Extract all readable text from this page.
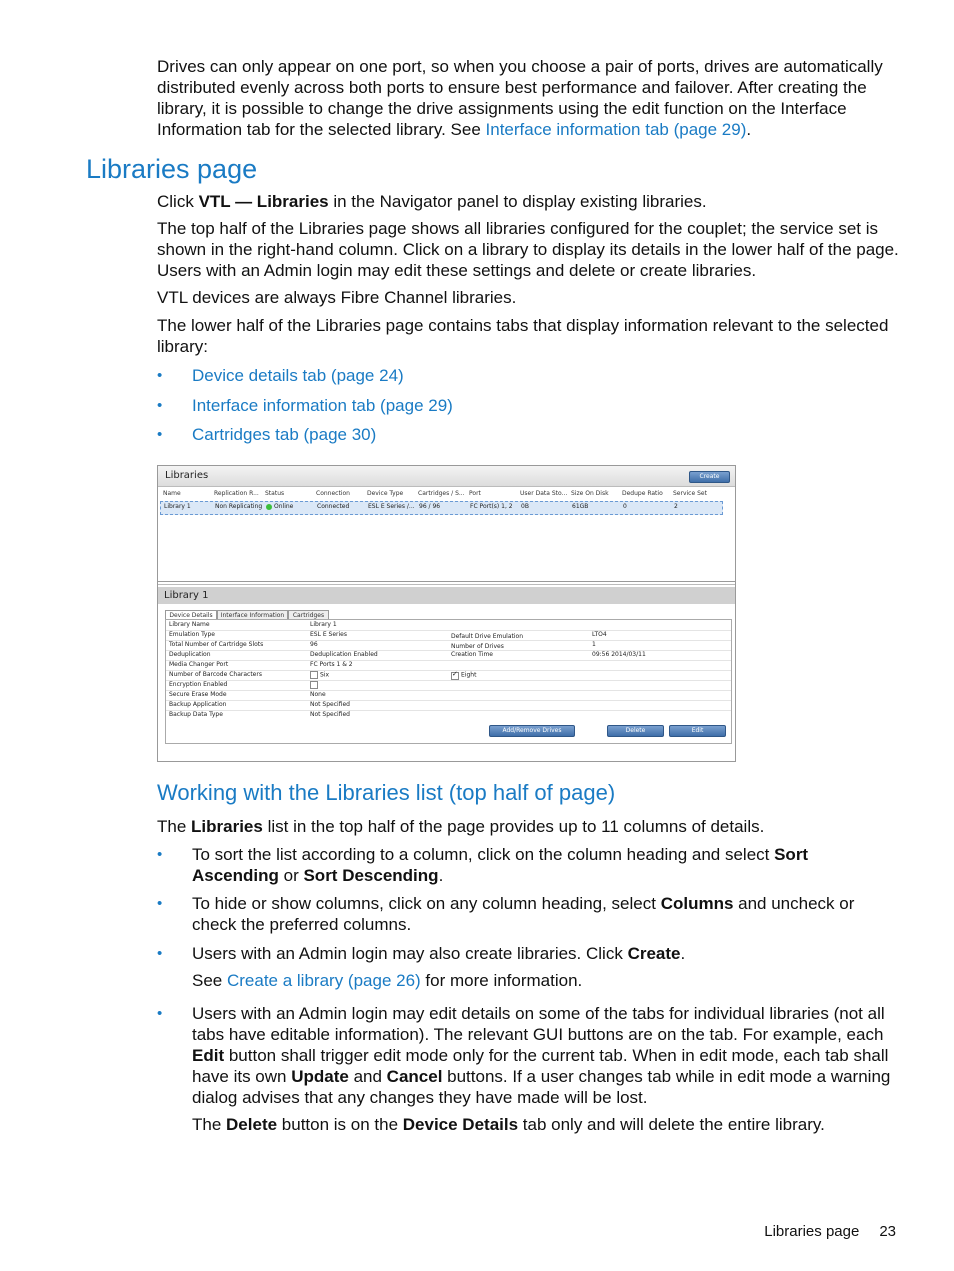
Drives can only appear on one port, so when you choose a pair of ports, drives are automatically distributed evenly across both ports to ensure best performance and failover. After creating the library, it is possible to change the drive assignments using the edit function on the Interface Information tab for the selected library. See Interface information tab (page 29).

Libraries page

Click VTL — Libraries in the Navigator panel to display existing libraries.

The top half of the Libraries page shows all libraries configured for the couplet; the service set is shown in the right-hand column. Click on a library to display its details in the lower half of the page. Users with an Admin login may edit these settings and delete or create libraries.

VTL devices are always Fibre Channel libraries.

The lower half of the Libraries page contains tabs that display information relevant to the selected library:

• Device details tab (page 24)
• Interface information tab (page 29)
• Cartridges tab (page 30)
Libraries	Create
Name	Replication R...	Status	Connection	Device Type	Cartridges / S... Port	User Data Sto... Size On Disk	Dedupe Ratio	Service Set
Library 1	Non Replicating	Online	Connected	ESL E Series /... 96 / 96	FC Port(s) 1, 2	0B	61GB	0	2
Library 1
Device Details	Interface Information	Cartridges
Library Name	Library 1
Emulation Type	ESL E Series	Default Drive Emulation	LTO4
Total Number of Cartridge Slots	96	Number of Drives	1
Deduplication	Deduplication Enabled	Creation Time	09:56 2014/03/11
Media Changer Port	FC Ports 1 & 2
Number of Barcode Characters	Six
✓	Eight
Encryption Enabled
Secure Erase Mode	None
Backup Application	Not Specified
Backup Data Type	Not Specified
Add/Remove Drives	Delete	Edit
Working with the Libraries list (top half of page)

The Libraries list in the top half of the page provides up to 11 columns of details.

• To sort the list according to a column, click on the column heading and select Sort Ascending or Sort Descending.
• To hide or show columns, click on any column heading, select Columns and uncheck or check the preferred columns.
• Users with an Admin login may also create libraries. Click Create.
See Create a library (page 26) for more information.
• Users with an Admin login may edit details on some of the tabs for individual libraries (not all tabs have editable information). The relevant GUI buttons are on the tab. For example, each Edit button shall trigger edit mode only for the current tab. When in edit mode, each tab shall have its own Update and Cancel buttons. If a user changes tab while in edit mode a warning dialog advises that any changes they have made will be lost.
The Delete button is on the Device Details tab only and will delete the entire library.
Libraries page 23
